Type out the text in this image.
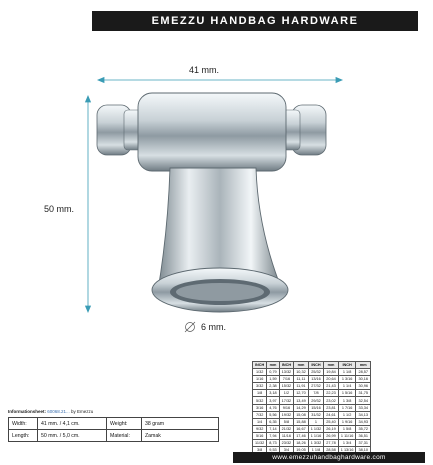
EMEZZU HANDBAG HARDWARE
41 mm.
50 mm.
6 mm.
Informationsheet: 60068.21... by Emezzu
Width:	41 mm. / 4,1 cm.	Weight:	38 gram
Length:	50 mm. / 5,0 cm.	Material:	Zamak
INCH	mm	INCH	mm	INCH	mm	INCH	mm
1/32	0,79	13/32	10,32	25/32	19,84	1 1/8	28,57
1/16	1,59	7/16	11,11	13/16	20,64	1 3/16	30,16
3/32	2,38	15/32	11,91	27/32	21,43	1 1/4	30,96
1/8	3,18	1/2	12,70	7/8	22,23	1 5/16	31,75
5/32	3,97	17/32	13,49	29/32	23,02	1 3/8	32,54
3/16	4,76	9/16	14,29	15/16	23,81	1 7/16	33,34
7/32	5,56	19/32	15,08	31/32	24,61	1 1/2	34,13
1/4	6,35	5/8	15,88	1	25,40	1 9/16	34,93
9/32	7,14	21/32	16,67	1 1/32	26,19	1 5/8	35,72
5/16	7,94	11/16	17,46	1 1/16	26,99	1 11/16	36,51
11/32	8,73	23/32	18,26	1 3/32	27,78	1 3/4	37,31
3/8	9,53	3/4	19,05	1 1/8	28,58	1 13/16	38,10
www.emezzuhandbaghardware.com
